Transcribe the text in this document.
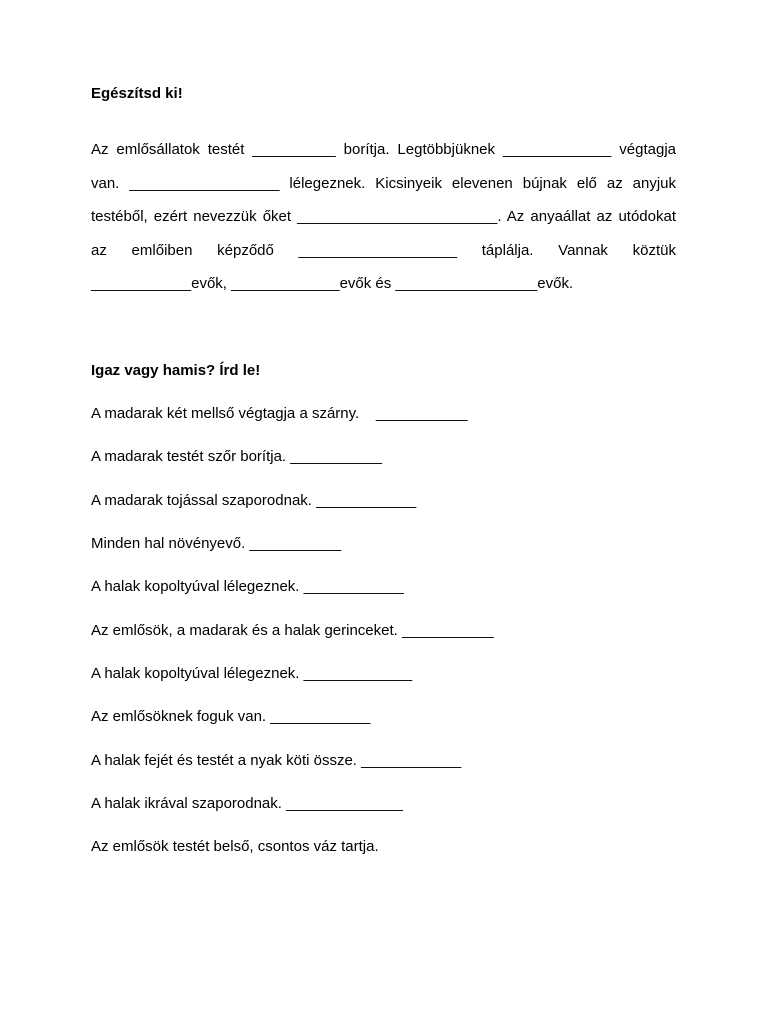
Egészítsd ki!

Az emlősállatok testét __________ borítja. Legtöbbjüknek _____________ végtagja van. __________________ lélegeznek. Kicsinyeik elevenen bújnak elő az anyjuk testéből, ezért nevezzük őket ________________________. Az anyaállat az utódokat az emlőiben képződő ___________________ táplálja. Vannak köztük ____________evők, _____________evők és _________________evők.

Igaz vagy hamis? Írd le!

A madarak két mellső végtagja a szárny.    ___________

A madarak testét szőr borítja. ___________

A madarak tojással szaporodnak. ____________

Minden hal növényevő. ___________

A halak kopoltyúval lélegeznek. ____________

Az emlősök, a madarak és a halak gerinceket. ___________

A halak kopoltyúval lélegeznek. _____________

Az emlősöknek foguk van. ____________

A halak fejét és testét a nyak köti össze. ____________

A halak ikrával szaporodnak. ______________

Az emlősök testét belső, csontos váz tartja.
